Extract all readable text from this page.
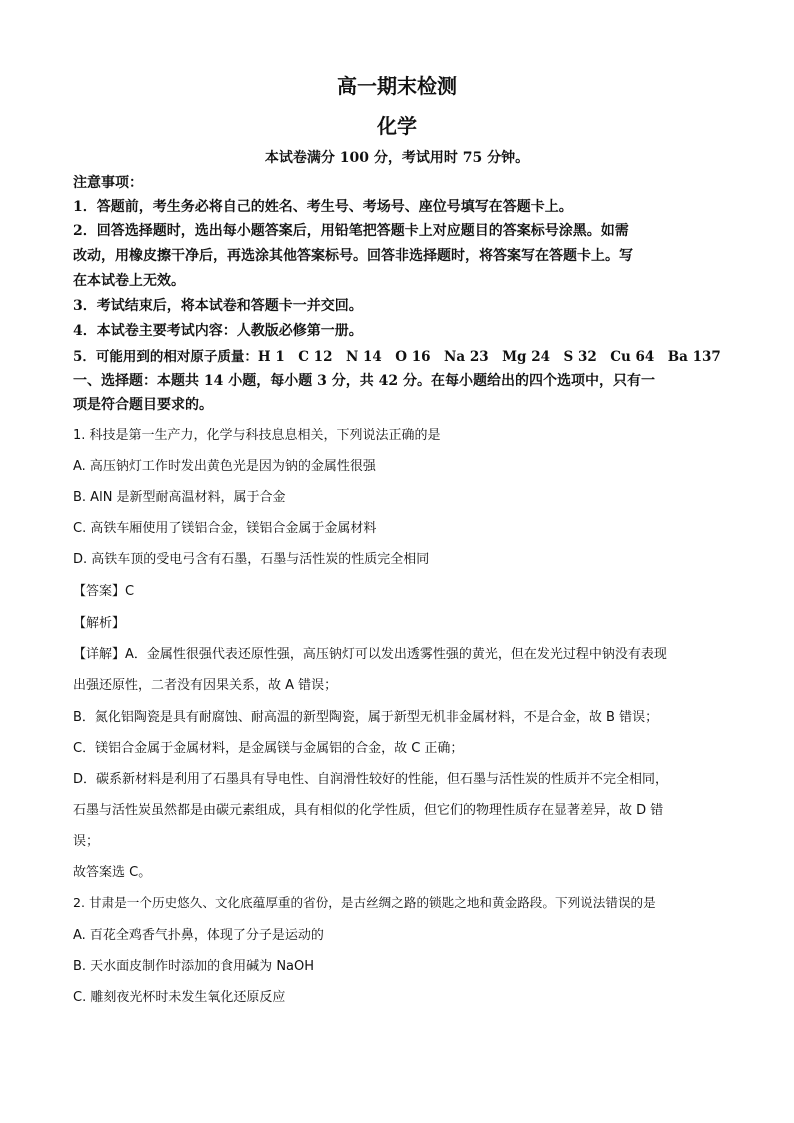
高一期末检测
化学
本试卷满分 100 分，考试用时 75 分钟。
注意事项：
1．答题前，考生务必将自己的姓名、考生号、考场号、座位号填写在答题卡上。
2．回答选择题时，选出每小题答案后，用铅笔把答题卡上对应题目的答案标号涂黑。如需
改动，用橡皮擦干净后，再选涂其他答案标号。回答非选择题时，将答案写在答题卡上。写
在本试卷上无效。
3．考试结束后，将本试卷和答题卡一并交回。
4．本试卷主要考试内容：人教版必修第一册。
5．可能用到的相对原子质量：H 1　C 12　N 14　O 16　Na 23　Mg 24　S 32　Cu 64　Ba 137
一、选择题：本题共 14 小题，每小题 3 分，共 42 分。在每小题给出的四个选项中，只有一
项是符合题目要求的。
1. 科技是第一生产力，化学与科技息息相关，下列说法正确的是
A. 高压钠灯工作时发出黄色光是因为钠的金属性很强
B. AlN 是新型耐高温材料，属于合金
C. 高铁车厢使用了镁铝合金，镁铝合金属于金属材料
D. 高铁车顶的受电弓含有石墨，石墨与活性炭的性质完全相同
【答案】C
【解析】
【详解】A．金属性很强代表还原性强，高压钠灯可以发出透雾性强的黄光，但在发光过程中钠没有表现
出强还原性，二者没有因果关系，故 A 错误；
B．氮化铝陶瓷是具有耐腐蚀、耐高温的新型陶瓷，属于新型无机非金属材料，不是合金，故 B 错误；
C．镁铝合金属于金属材料，是金属镁与金属铝的合金，故 C 正确；
D．碳系新材料是利用了石墨具有导电性、自润滑性较好的性能，但石墨与活性炭的性质并不完全相同，
石墨与活性炭虽然都是由碳元素组成，具有相似的化学性质，但它们的物理性质存在显著差异，故 D 错
误；
故答案选 C。
2. 甘肃是一个历史悠久、文化底蕴厚重的省份，是古丝绸之路的锁匙之地和黄金路段。下列说法错误的是
A. 百花全鸡香气扑鼻，体现了分子是运动的
B. 天水面皮制作时添加的食用碱为 NaOH
C. 雕刻夜光杯时未发生氧化还原反应
